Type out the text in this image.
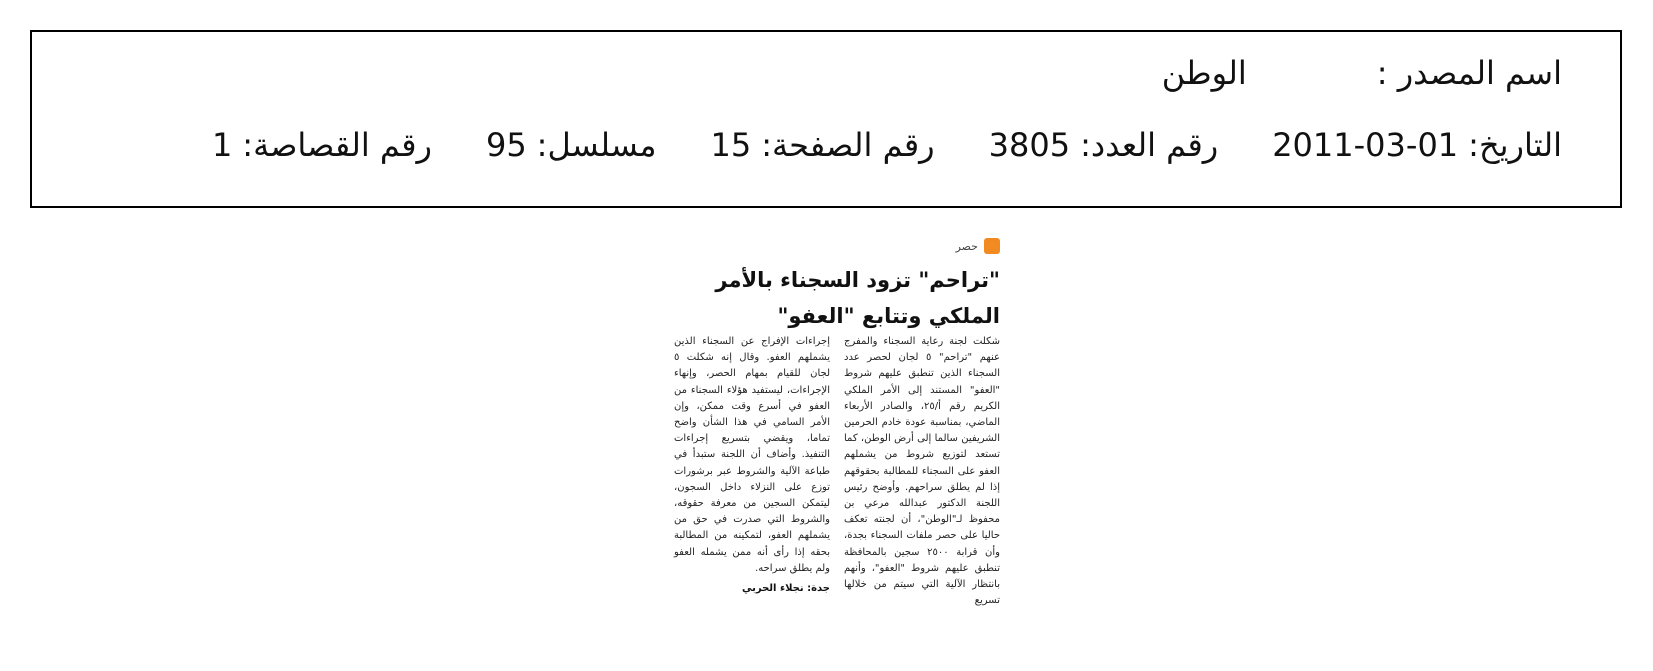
اسم المصدر :
الوطن
التاريخ:
2011-03-01
رقم العدد:
3805
رقم الصفحة:
15
مسلسل:
95
رقم القصاصة:
1
حصر
"تراحم" تزود السجناء بالأمر الملكي وتتابع "العفو"

شكلت لجنة رعاية السجناء والمفرج عنهم "تراحم" ٥ لجان لحصر عدد السجناء الذين تنطبق عليهم شروط "العفو" المستند إلى الأمر الملكي الكريم رقم أ/٢٥، والصادر الأربعاء الماضي، بمناسبة عودة خادم الحرمين الشريفين سالما إلى أرض الوطن، كما تستعد لتوزيع شروط من يشملهم العفو على السجناء للمطالبة بحقوقهم إذا لم يطلق سراحهم. وأوضح رئيس اللجنة الدكتور عبدالله مرعي بن محفوظ لـ"الوطن"، أن لجنته تعكف حاليا على حصر ملفات السجناء بجدة، وأن قرابة ٢٥٠٠ سجين بالمحافظة تنطبق عليهم شروط "العفو"، وأنهم بانتظار الآلية التي سيتم من خلالها تسريع

إجراءات الإفراج عن السجناء الذين يشملهم العفو. وقال إنه شكلت ٥ لجان للقيام بمهام الحصر، وإنهاء الإجراءات، ليستفيد هؤلاء السجناء من العفو في أسرع وقت ممكن، وإن الأمر السامي في هذا الشأن واضح تماما، ويقضي بتسريع إجراءات التنفيذ. وأضاف أن اللجنة ستبدأ في طباعة الآلية والشروط عبر برشورات توزع على النزلاء داخل السجون، ليتمكن السجين من معرفة حقوقه، والشروط التي صدرت في حق من يشملهم العفو، لتمكينه من المطالبة بحقه إذا رأى أنه ممن يشمله العفو ولم يطلق سراحه.

جدة: نجلاء الحربي
